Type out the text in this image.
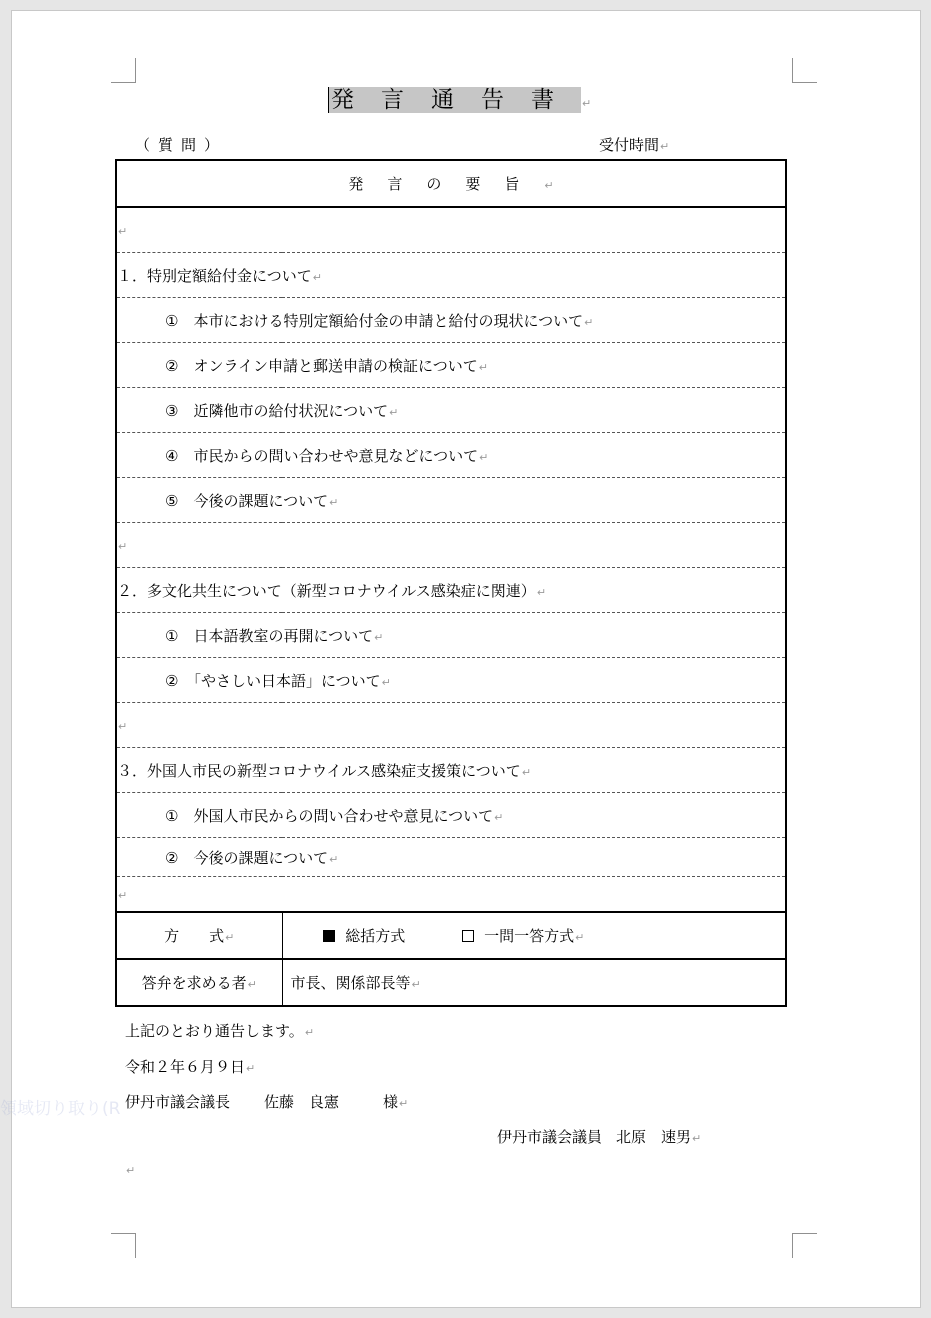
領域切り取り(R
発言通告書↵
（質問）	受付時間↵
発言の要旨↵	
↵	
１．特別定額給付金について↵	
①　本市における特別定額給付金の申請と給付の現状について↵	
②　オンライン申請と郵送申請の検証について↵	
③　近隣他市の給付状況について↵	
④　市民からの問い合わせや意見などについて↵	
⑤　今後の課題について↵	
↵	
２．多文化共生について（新型コロナウイルス感染症に関連）↵	
①　日本語教室の再開について↵	
②　「やさしい日本語」について↵	
↵	
３．外国人市民の新型コロナウイルス感染症支援策について↵	
①　外国人市民からの問い合わせや意見について↵	
②　今後の課題について↵	
↵	
方　　式↵	総括方式 一問一答方式↵
答弁を求める者↵	市長、関係部長等↵
上記のとおり通告します。↵
令和２年６月９日↵
伊丹市議会議長 佐藤　良憲	様↵
伊丹市議会議員 北原　速男↵
↵
